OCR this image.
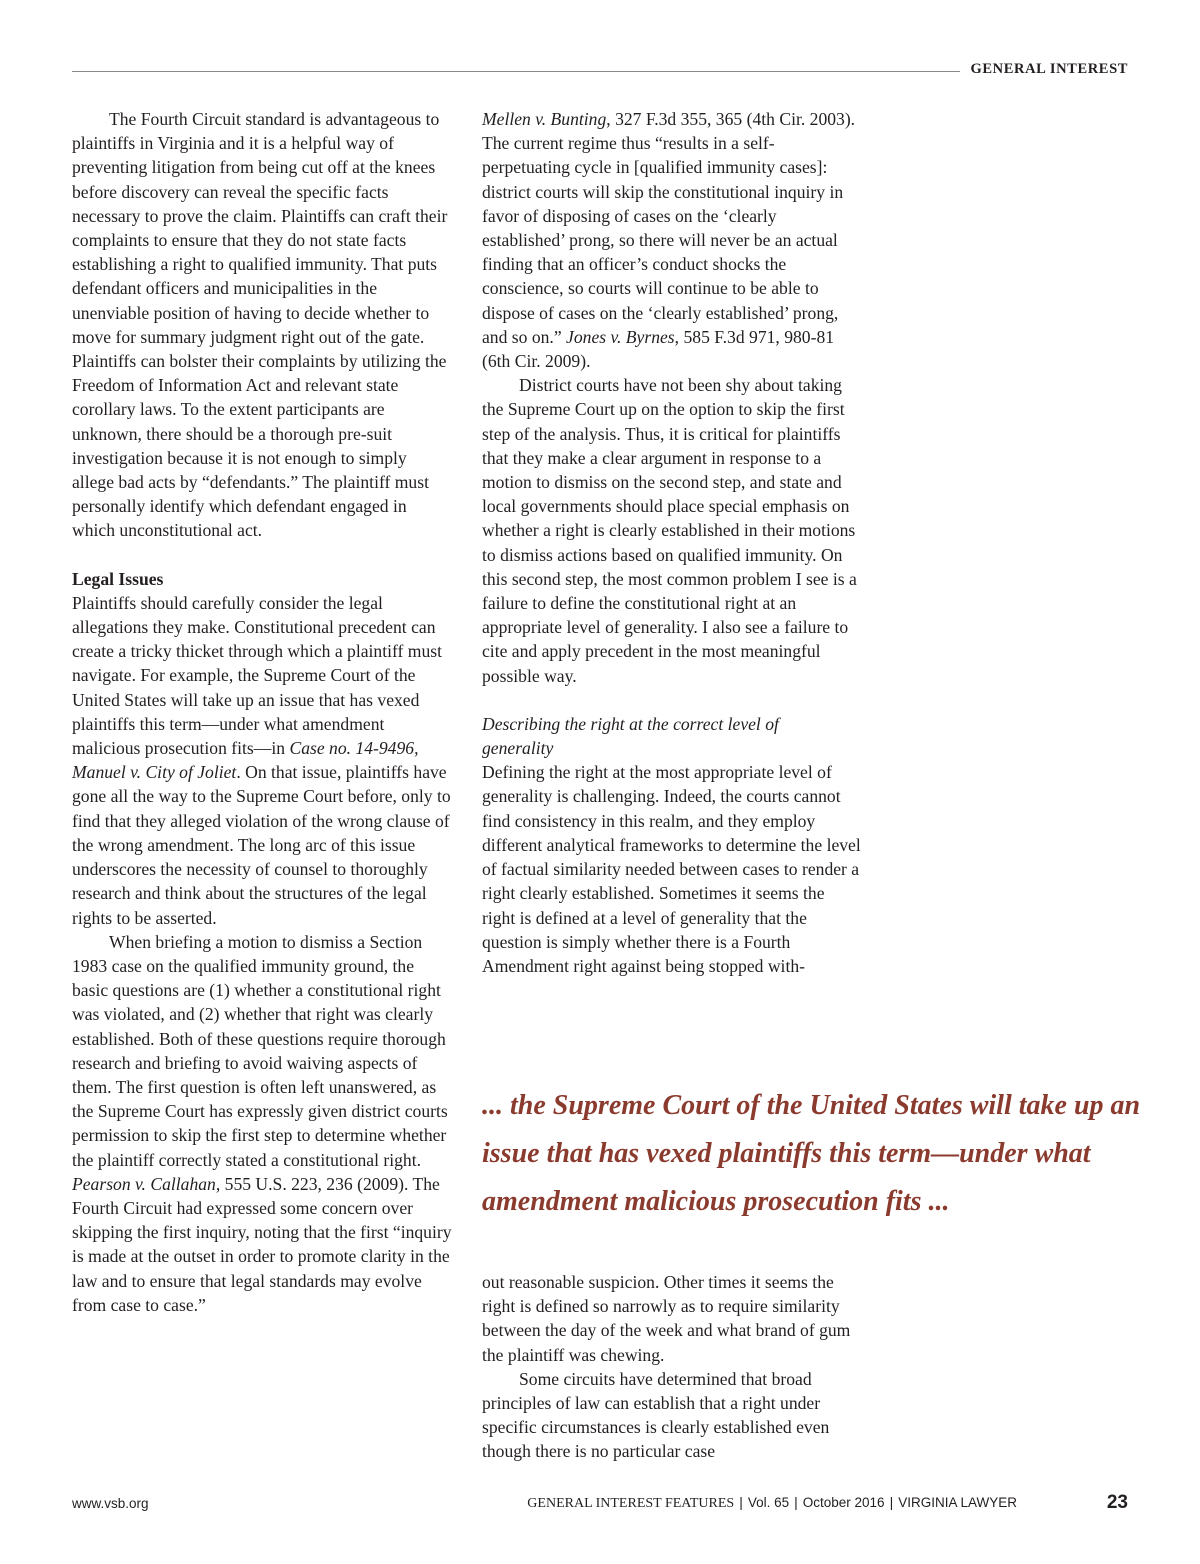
GENERAL INTEREST

The Fourth Circuit standard is advantageous to plaintiffs in Virginia and it is a helpful way of preventing litigation from being cut off at the knees before discovery can reveal the specific facts necessary to prove the claim. Plaintiffs can craft their complaints to ensure that they do not state facts establishing a right to qualified immunity. That puts defendant officers and municipalities in the unenviable position of having to decide whether to move for summary judgment right out of the gate. Plaintiffs can bolster their complaints by utilizing the Freedom of Information Act and relevant state corollary laws. To the extent participants are unknown, there should be a thorough pre-suit investigation because it is not enough to simply allege bad acts by “defendants.” The plaintiff must personally identify which defendant engaged in which unconstitutional act.

Legal Issues

Plaintiffs should carefully consider the legal allegations they make. Constitutional precedent can create a tricky thicket through which a plaintiff must navigate. For example, the Supreme Court of the United States will take up an issue that has vexed plaintiffs this term—under what amendment malicious prosecution fits—in Case no. 14-9496, Manuel v. City of Joliet. On that issue, plaintiffs have gone all the way to the Supreme Court before, only to find that they alleged violation of the wrong clause of the wrong amendment. The long arc of this issue underscores the necessity of counsel to thoroughly research and think about the structures of the legal rights to be asserted.

When briefing a motion to dismiss a Section 1983 case on the qualified immunity ground, the basic questions are (1) whether a constitutional right was violated, and (2) whether that right was clearly established. Both of these questions require thorough research and briefing to avoid waiving aspects of them. The first question is often left unanswered, as the Supreme Court has expressly given district courts permission to skip the first step to determine whether the plaintiff correctly stated a constitutional right. Pearson v. Callahan, 555 U.S. 223, 236 (2009). The Fourth Circuit had expressed some concern over skipping the first inquiry, noting that the first “inquiry is made at the outset in order to promote clarity in the law and to ensure that legal standards may evolve from case to case.”

Mellen v. Bunting, 327 F.3d 355, 365 (4th Cir. 2003). The current regime thus “results in a self-perpetuating cycle in [qualified immunity cases]: district courts will skip the constitutional inquiry in favor of disposing of cases on the ‘clearly established’ prong, so there will never be an actual finding that an officer’s conduct shocks the conscience, so courts will continue to be able to dispose of cases on the ‘clearly established’ prong, and so on.” Jones v. Byrnes, 585 F.3d 971, 980-81 (6th Cir. 2009).

District courts have not been shy about taking the Supreme Court up on the option to skip the first step of the analysis. Thus, it is critical for plaintiffs that they make a clear argument in response to a motion to dismiss on the second step, and state and local governments should place special emphasis on whether a right is clearly established in their motions to dismiss actions based on qualified immunity. On this second step, the most common problem I see is a failure to define the constitutional right at an appropriate level of generality. I also see a failure to cite and apply precedent in the most meaningful possible way.

Describing the right at the correct level of generality

Defining the right at the most appropriate level of generality is challenging. Indeed, the courts cannot find consistency in this realm, and they employ different analytical frameworks to determine the level of factual similarity needed between cases to render a right clearly established. Sometimes it seems the right is defined at a level of generality that the question is simply whether there is a Fourth Amendment right against being stopped with-

... the Supreme Court of the United States will take up an issue that has vexed plaintiffs this term—under what amendment malicious prosecution fits ...

out reasonable suspicion. Other times it seems the right is defined so narrowly as to require similarity between the day of the week and what brand of gum the plaintiff was chewing.

Some circuits have determined that broad principles of law can establish that a right under specific circumstances is clearly established even though there is no particular case

www.vsb.org	GENERAL INTEREST FEATURES | Vol. 65 | October 2016 | VIRGINIA LAWYER	23
